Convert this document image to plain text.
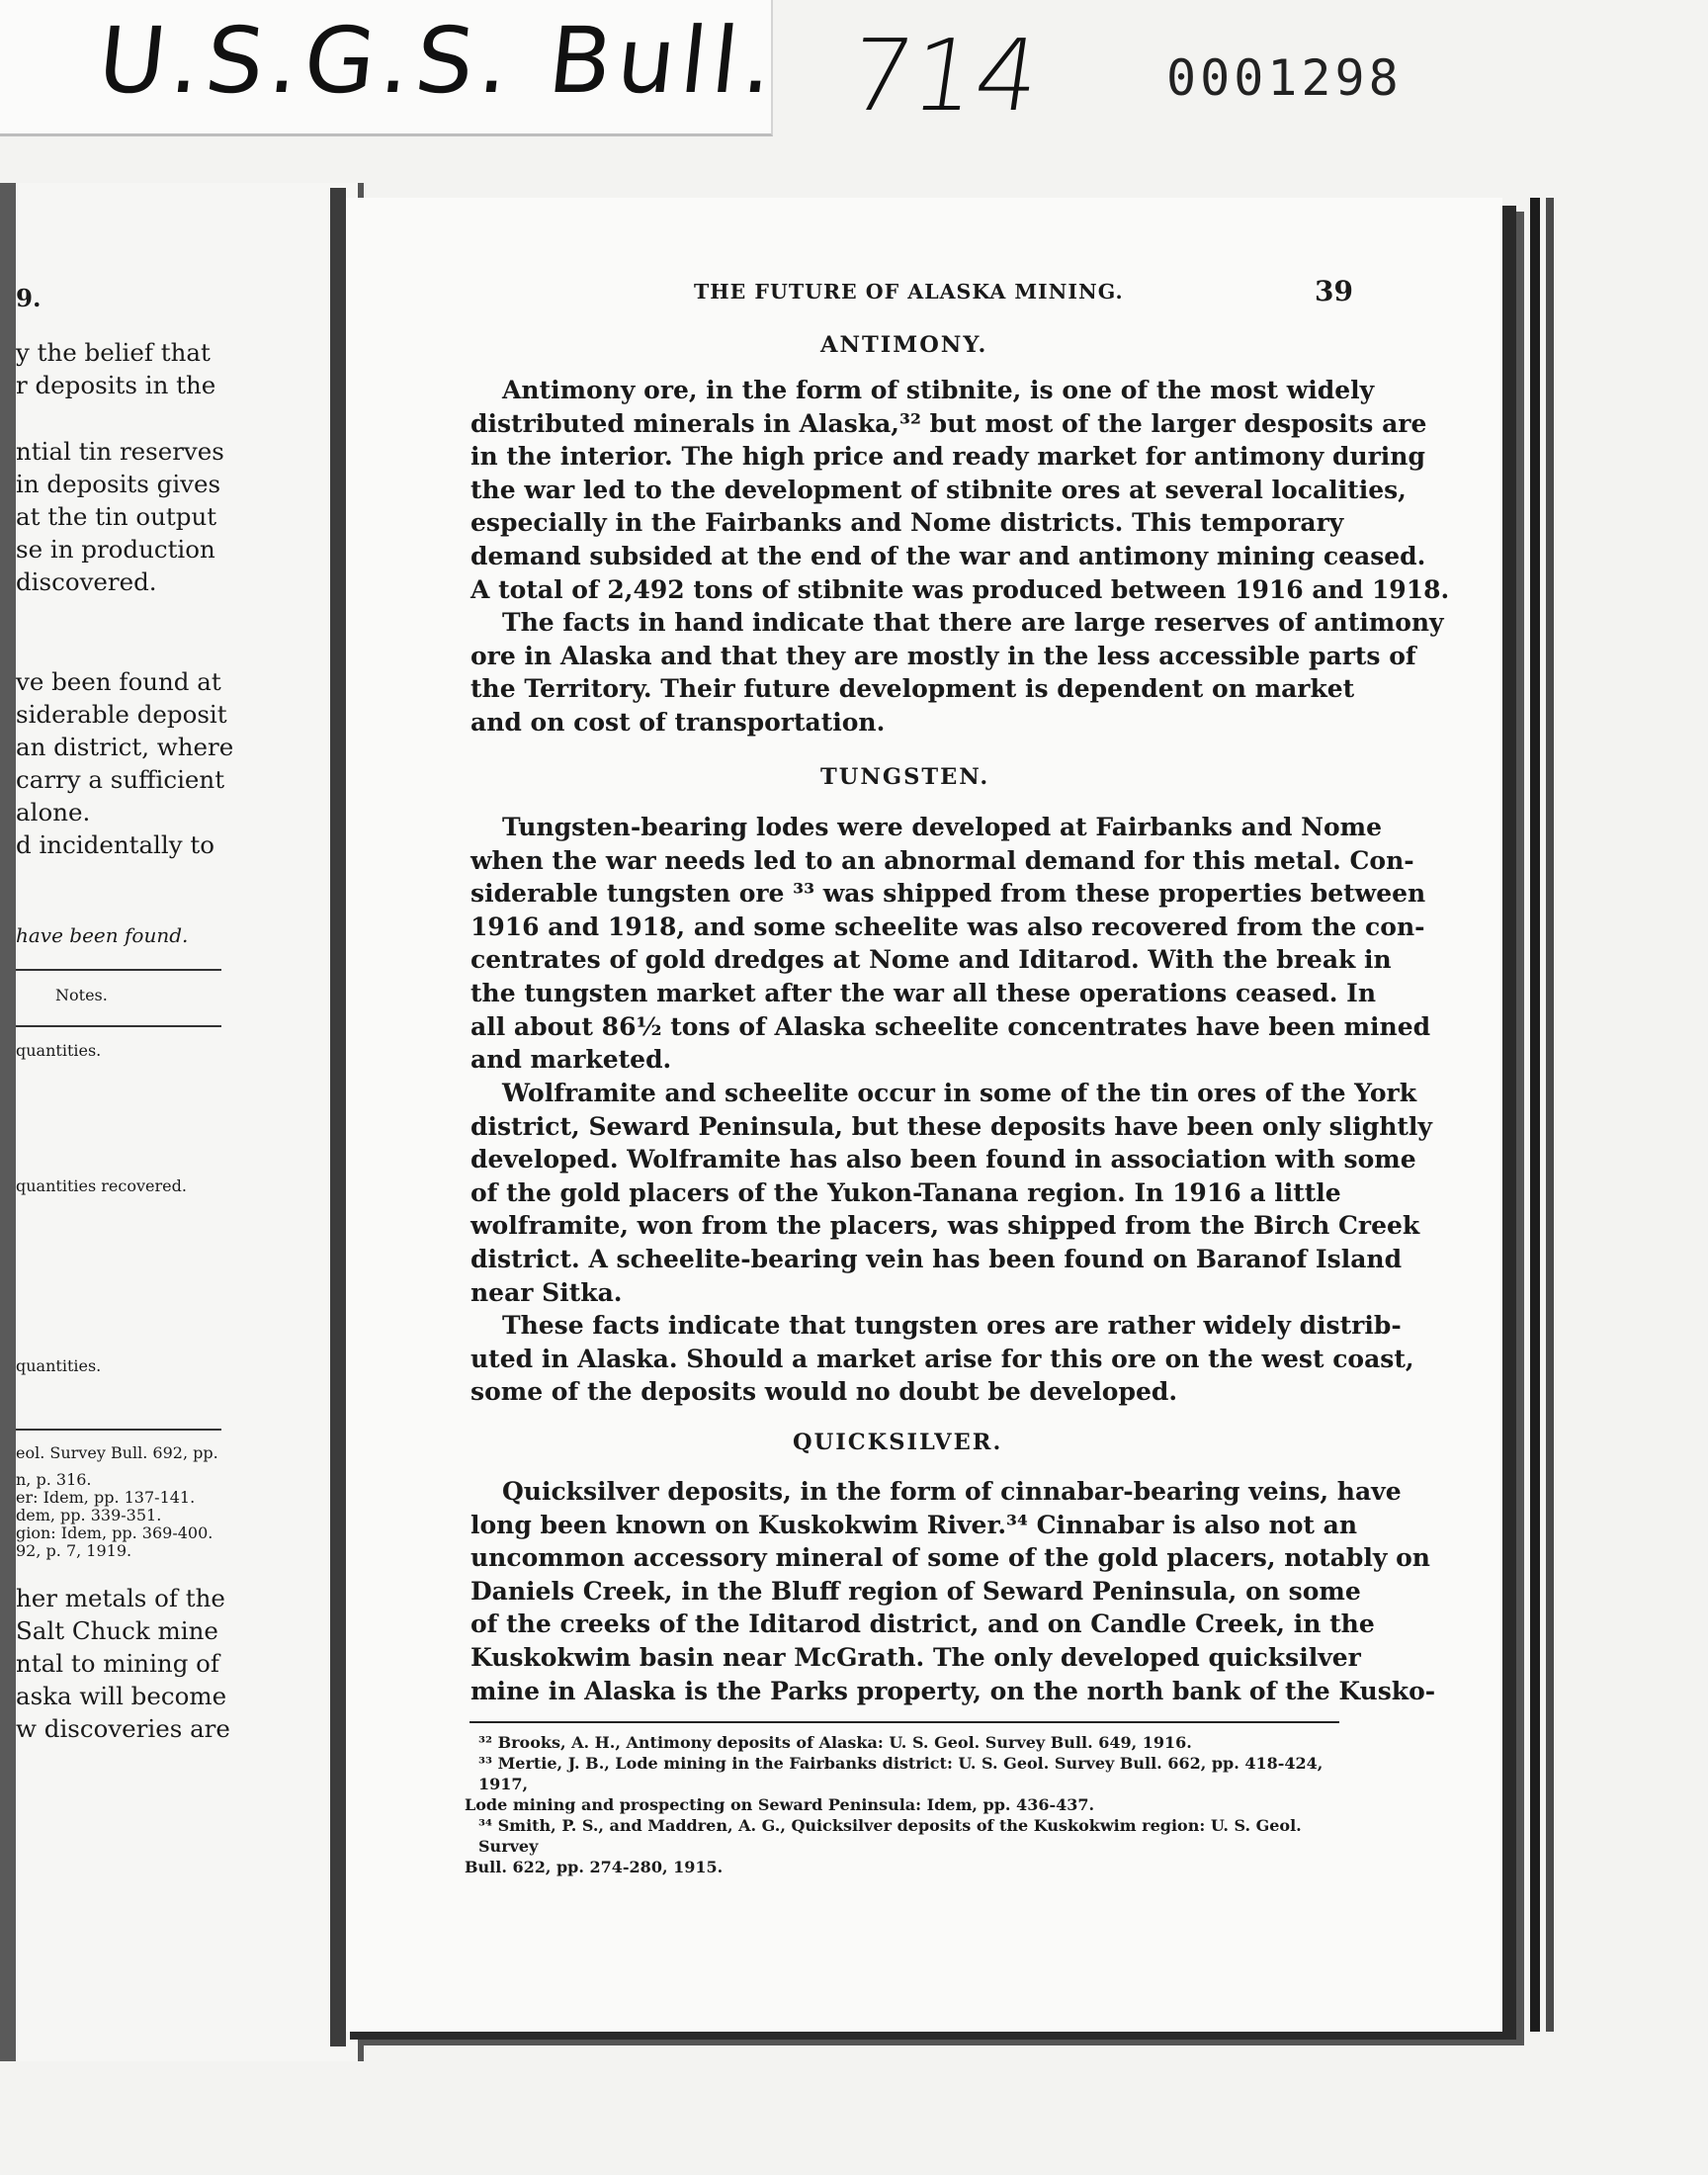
U.S.G.S. Bull. 714 0001298
9.
y the belief that
r deposits in the
ntial tin reserves
in deposits gives
at the tin output
se in production
discovered.
ve been found at
siderable deposit
an district, where
carry a sufficient
alone.
d incidentally to
have been found.
Notes.
quantities.
quantities recovered.
quantities.
eol. Survey Bull. 692, pp.
n, p. 316.
er: Idem, pp. 137-141.
dem, pp. 339-351.
gion: Idem, pp. 369-400.
92, p. 7, 1919.
her metals of the
Salt Chuck mine
ntal to mining of
aska will become
w discoveries are
THE FUTURE OF ALASKA MINING.	39
ANTIMONY.
Antimony ore, in the form of stibnite, is one of the most widely
distributed minerals in Alaska,³² but most of the larger desposits are
in the interior. The high price and ready market for antimony during
the war led to the development of stibnite ores at several localities,
especially in the Fairbanks and Nome districts. This temporary
demand subsided at the end of the war and antimony mining ceased.
A total of 2,492 tons of stibnite was produced between 1916 and 1918.
The facts in hand indicate that there are large reserves of antimony
ore in Alaska and that they are mostly in the less accessible parts of
the Territory. Their future development is dependent on market
and on cost of transportation.
TUNGSTEN.
Tungsten-bearing lodes were developed at Fairbanks and Nome
when the war needs led to an abnormal demand for this metal. Con-
siderable tungsten ore ³³ was shipped from these properties between
1916 and 1918, and some scheelite was also recovered from the con-
centrates of gold dredges at Nome and Iditarod. With the break in
the tungsten market after the war all these operations ceased. In
all about 86½ tons of Alaska scheelite concentrates have been mined
and marketed.
Wolframite and scheelite occur in some of the tin ores of the York
district, Seward Peninsula, but these deposits have been only slightly
developed. Wolframite has also been found in association with some
of the gold placers of the Yukon-Tanana region. In 1916 a little
wolframite, won from the placers, was shipped from the Birch Creek
district. A scheelite-bearing vein has been found on Baranof Island
near Sitka.
These facts indicate that tungsten ores are rather widely distrib-
uted in Alaska. Should a market arise for this ore on the west coast,
some of the deposits would no doubt be developed.
QUICKSILVER.
Quicksilver deposits, in the form of cinnabar-bearing veins, have
long been known on Kuskokwim River.³⁴ Cinnabar is also not an
uncommon accessory mineral of some of the gold placers, notably on
Daniels Creek, in the Bluff region of Seward Peninsula, on some
of the creeks of the Iditarod district, and on Candle Creek, in the
Kuskokwim basin near McGrath. The only developed quicksilver
mine in Alaska is the Parks property, on the north bank of the Kusko-
³² Brooks, A. H., Antimony deposits of Alaska: U. S. Geol. Survey Bull. 649, 1916.
³³ Mertie, J. B., Lode mining in the Fairbanks district: U. S. Geol. Survey Bull. 662, pp. 418-424, 1917,
Lode mining and prospecting on Seward Peninsula: Idem, pp. 436-437.
³⁴ Smith, P. S., and Maddren, A. G., Quicksilver deposits of the Kuskokwim region: U. S. Geol. Survey
Bull. 622, pp. 274-280, 1915.
